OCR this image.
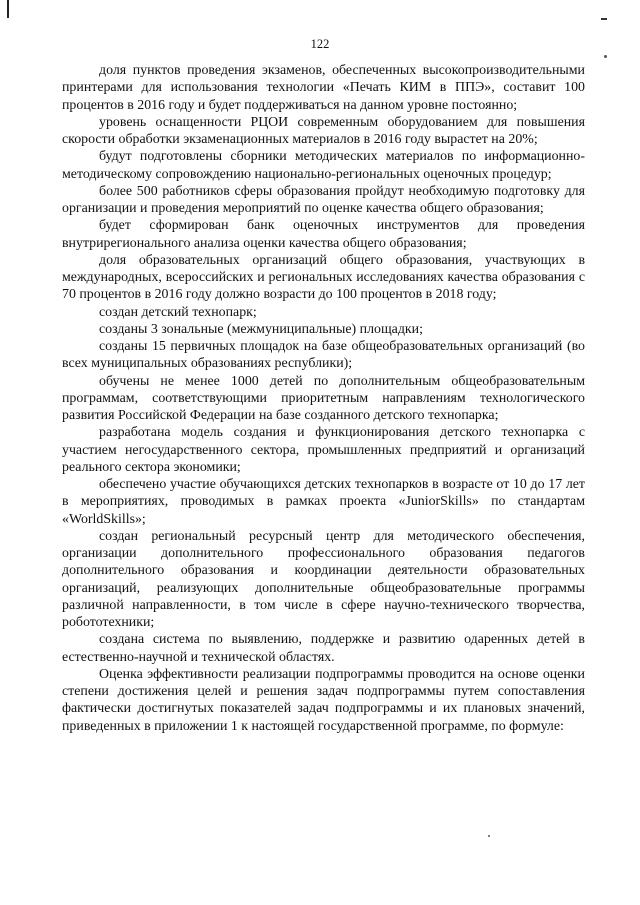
122

доля пунктов проведения экзаменов, обеспеченных высокопроизводительными принтерами для использования технологии «Печать КИМ в ППЭ», составит 100 процентов в 2016 году и будет поддерживаться на данном уровне постоянно;

уровень оснащенности РЦОИ современным оборудованием для повышения скорости обработки экзаменационных материалов в 2016 году вырастет на 20%;

будут подготовлены сборники методических материалов по информационно-методическому сопровождению национально-региональных оценочных процедур;

более 500 работников сферы образования пройдут необходимую подготовку для организации и проведения мероприятий по оценке качества общего образования;

будет сформирован банк оценочных инструментов для проведения внутрирегионального анализа оценки качества общего образования;

доля образовательных организаций общего образования, участвующих в международных, всероссийских и региональных исследованиях качества образования с 70 процентов в 2016 году должно возрасти до 100 процентов в 2018 году;

создан детский технопарк;

созданы 3 зональные (межмуниципальные) площадки;

созданы 15 первичных площадок на базе общеобразовательных организаций (во всех муниципальных образованиях республики);

обучены не менее 1000 детей по дополнительным общеобразовательным программам, соответствующими приоритетным направлениям технологического развития Российской Федерации на базе созданного детского технопарка;

разработана модель создания и функционирования детского технопарка с участием негосударственного сектора, промышленных предприятий и организаций реального сектора экономики;

обеспечено участие обучающихся детских технопарков в возрасте от 10 до 17 лет в мероприятиях, проводимых в рамках проекта «JuniorSkills» по стандартам «WorldSkills»;

создан региональный ресурсный центр для методического обеспечения, организации дополнительного профессионального образования педагогов дополнительного образования и координации деятельности образовательных организаций, реализующих дополнительные общеобразовательные программы различной направленности, в том числе в сфере научно-технического творчества, робототехники;

создана система по выявлению, поддержке и развитию одаренных детей в естественно-научной и технической областях.

Оценка эффективности реализации подпрограммы проводится на основе оценки степени достижения целей и решения задач подпрограммы путем сопоставления фактически достигнутых показателей задач подпрограммы и их плановых значений, приведенных в приложении 1 к настоящей государственной программе, по формуле:
